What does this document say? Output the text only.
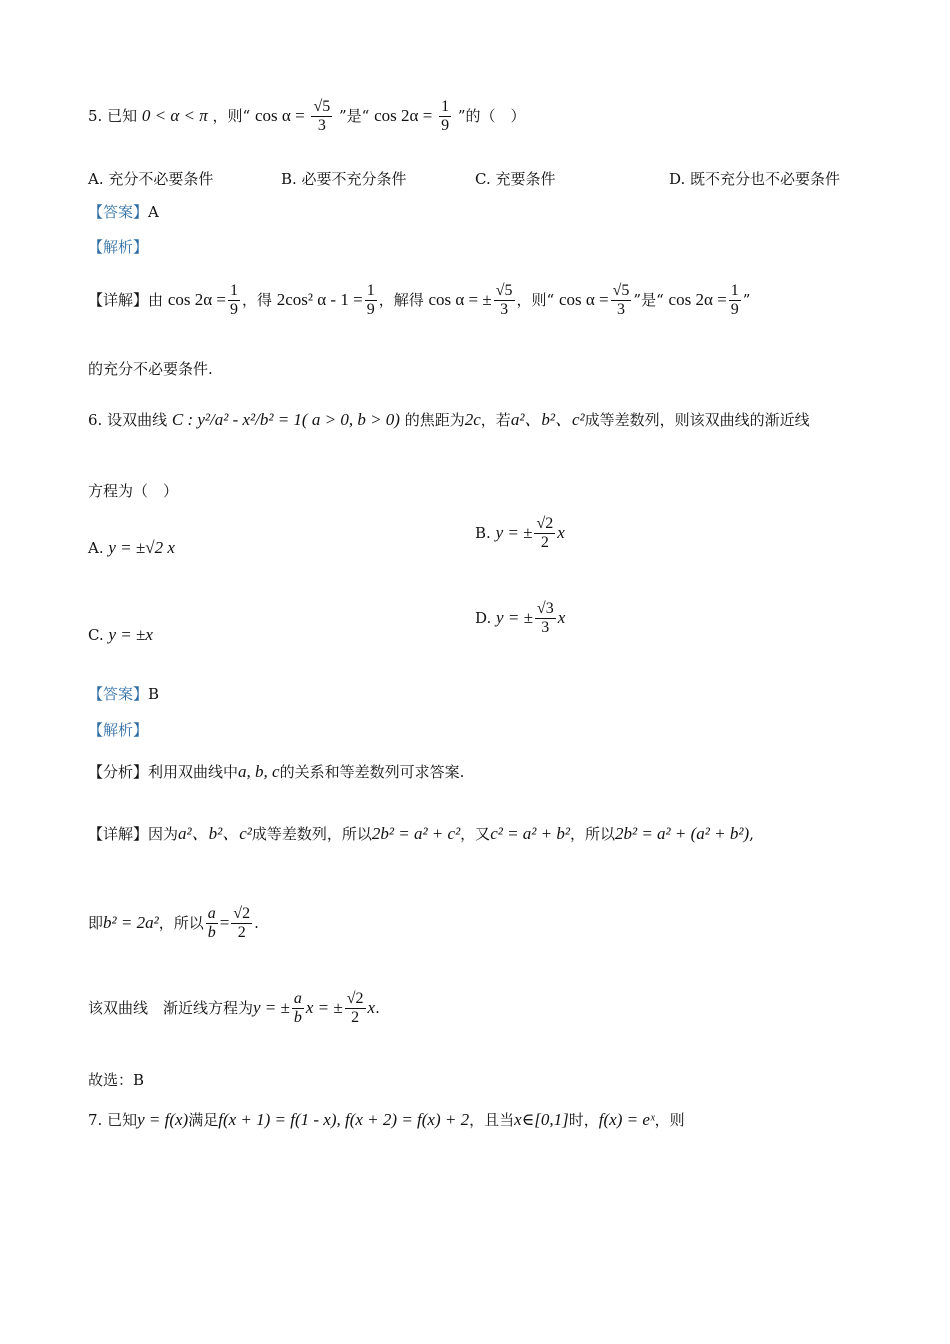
5. 已知 0 < α < π ，则“ $\cos \alpha = \frac{√5}{3}$ ”是“ $\cos 2\alpha = \frac{1}{9}$ ”的（　）
A. 充分不必要条件	B. 必要不充分条件	C. 充要条件	D. 既不充分也不必要条件
【答案】A
【解析】
【详解】由 $\cos 2\alpha = \frac{1}{9}$ ，得 2cos² $\alpha - 1 = \frac{1}{9}$ ，解得 cos α = ± $\frac{√5}{3}$ ，则“ $\cos \alpha = \frac{√5}{3}$ ”是“ $\cos 2\alpha = \frac{1}{9}$ ”
的充分不必要条件.
6. 设双曲线 C : y²/a² - x²/b² = 1( a > 0, b > 0) 的焦距为2c，若a²、b²、c²成等差数列，则该双曲线的渐近线
方程为（　）
A. y = ±√2 x
B. y = ± $\frac{√2}{2}$ x
C. y = ±x
D. y = ± $\frac{√3}{3}$ x
【答案】B
【解析】
【分析】利用双曲线中a, b, c的关系和等差数列可求答案.
【详解】因为a²、b²、c²成等差数列，所以2b² = a² + c²，又c² = a² + b²，所以2b² = a² + (a² + b²),
即b² = 2a²，所以 $\frac{a}{b} = \frac{√2}{2}$ .
该双曲线　渐近线方程为y = ± $\frac{a}{b}$ x = ± $\frac{√2}{2} x$.
故选：B
7. 已知y = f(x)满足f(x + 1) = f(1 - x), f(x + 2) = f(x) + 2，且当x∈[0,1]时，f(x) = eˣ，则
